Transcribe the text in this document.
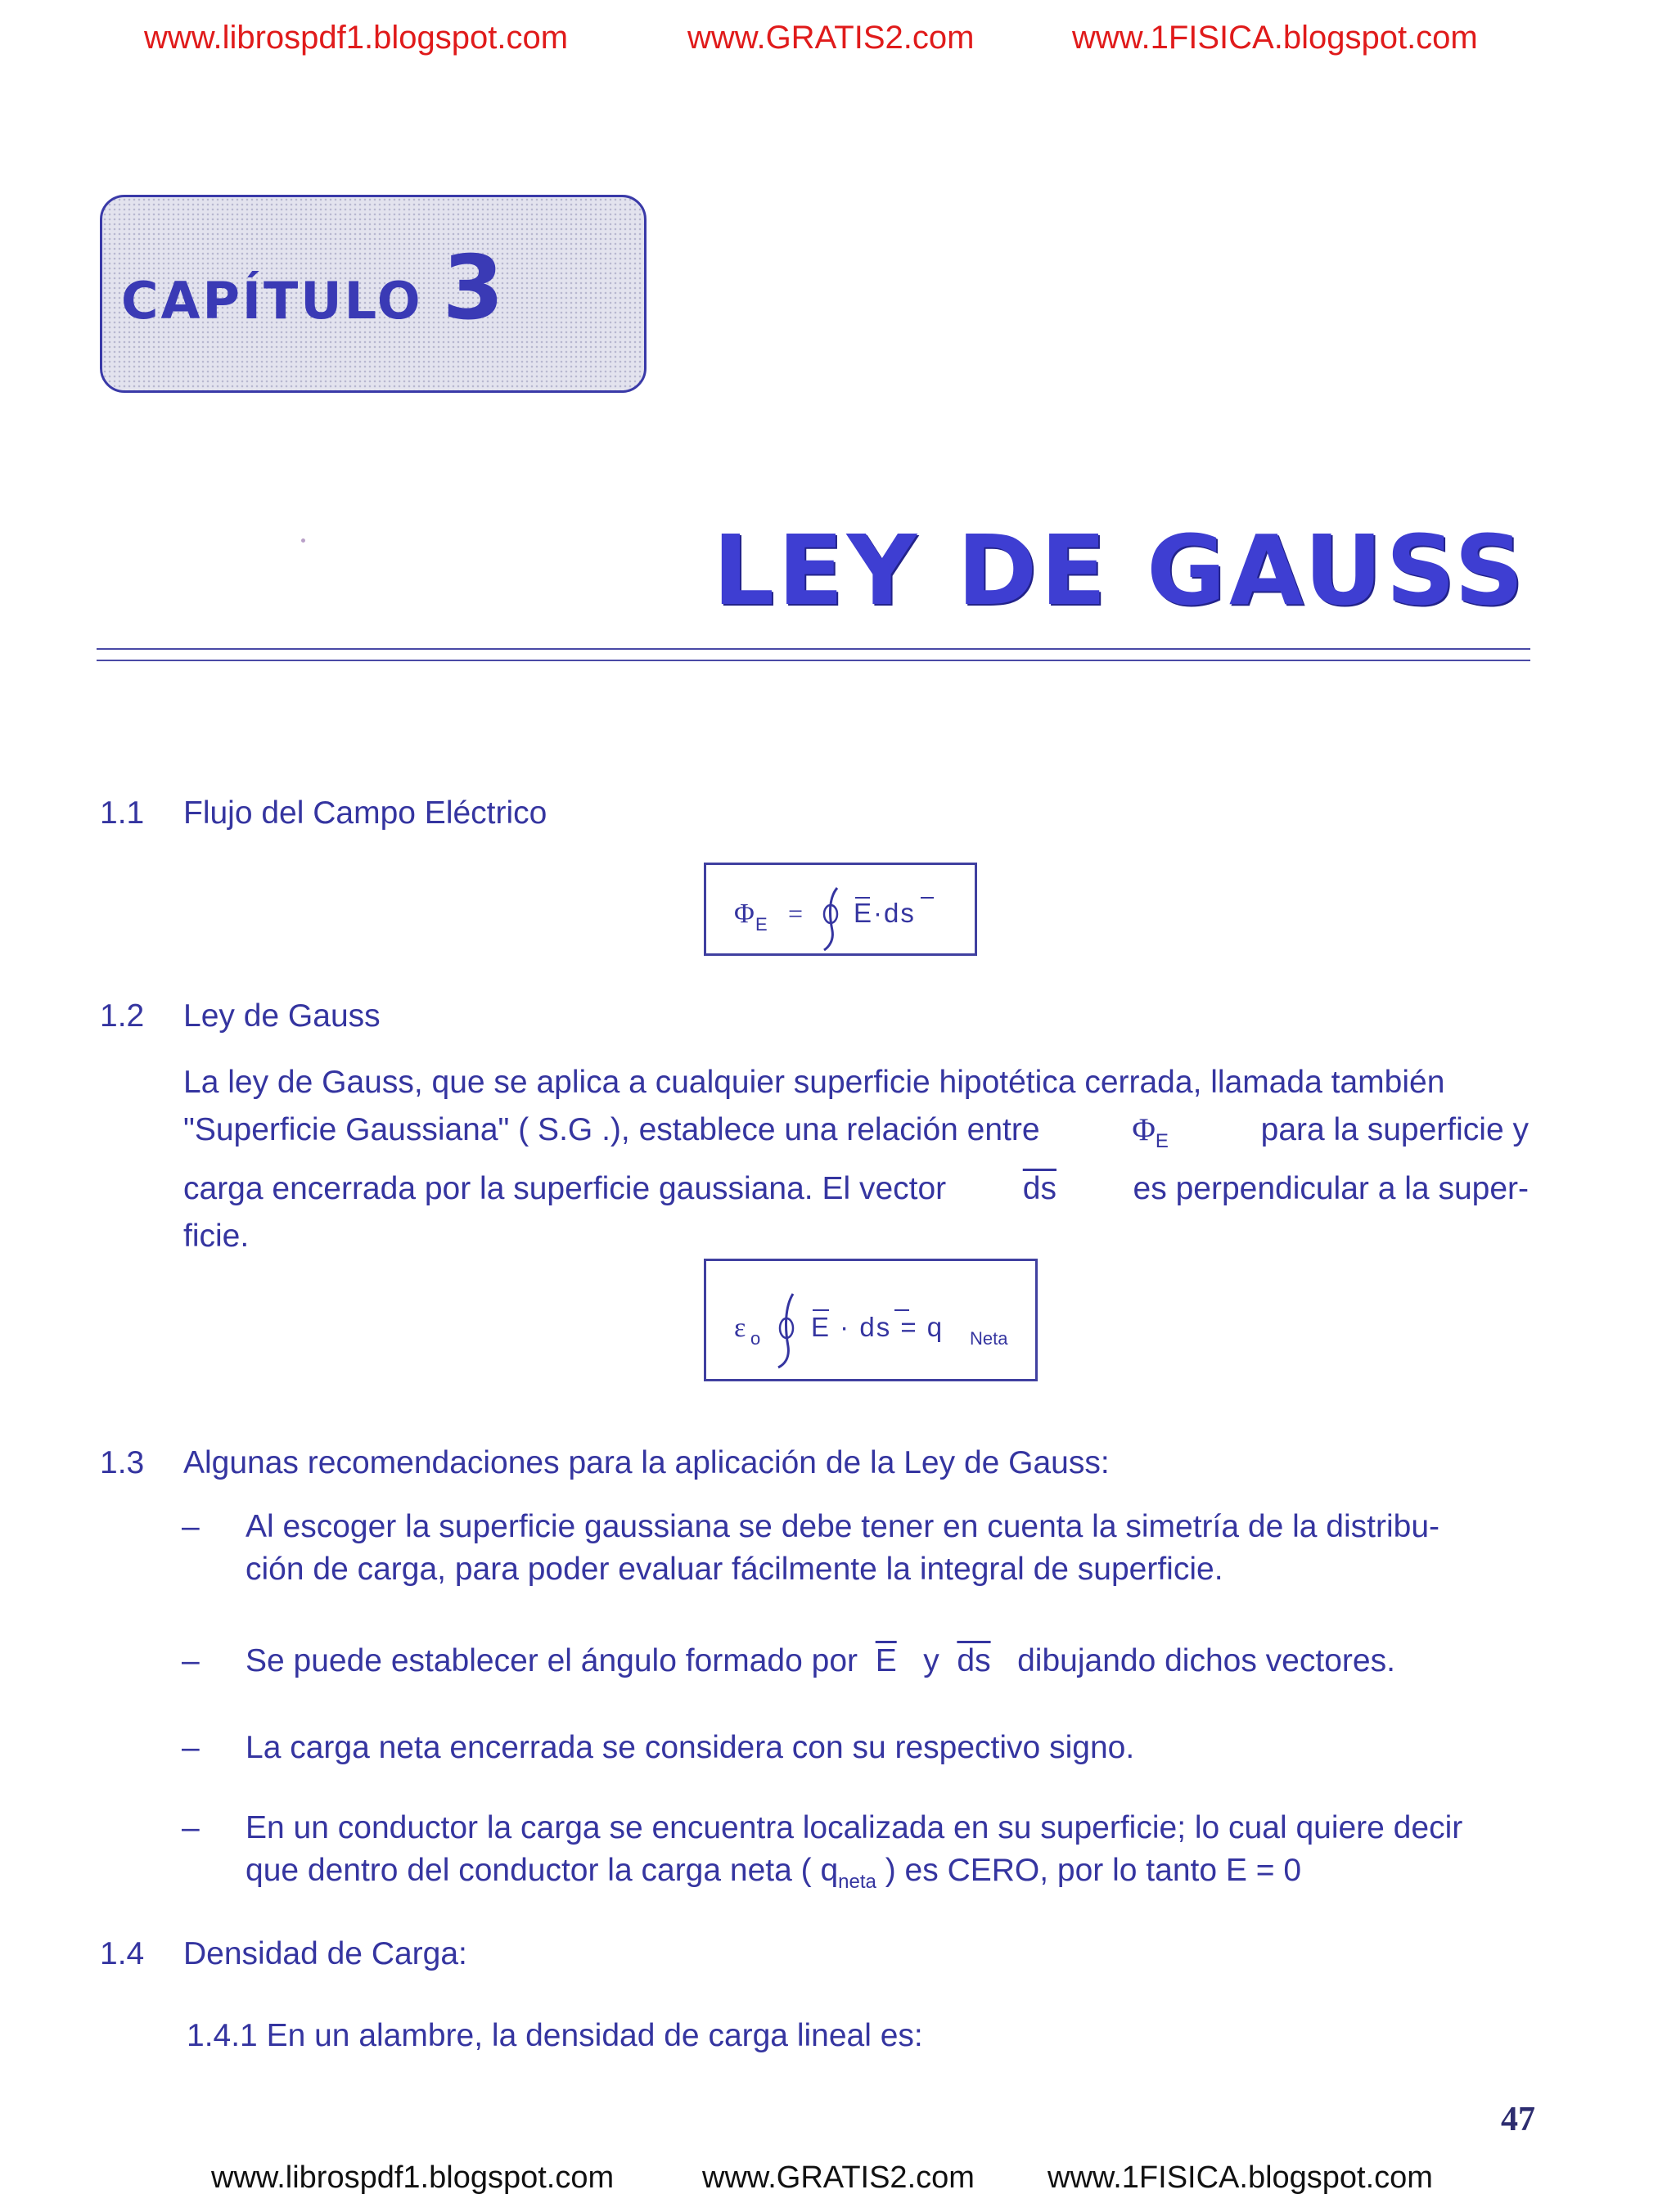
www.librospdf1.blogspot.com	www.GRATIS2.com	www.1FISICA.blogspot.com
CAPÍTULO 3
LEY DE GAUSS
1.1 Flujo del Campo Eléctrico
Φ E = E·ds
1.2 Ley de Gauss
La ley de Gauss, que se aplica a cualquier superficie hipotética cerrada, llamada también
"Superficie Gaussiana" ( S.G .), establece una relación entre	$\Phi_E$	para la superficie y
carga encerrada por la superficie gaussiana. El vector $\overline{ds}$ es perpendicular a la super-
ficie.
ε o E · ds = q Neta
1.3 Algunas recomendaciones para la aplicación de la Ley de Gauss:
– Al escoger la superficie gaussiana se debe tener en cuenta la simetría de la distribu-
ción de carga, para poder evaluar fácilmente la integral de superficie.
– Se puede establecer el ángulo formado por $\overline{E}$ y $\overline{ds}$ dibujando dichos vectores.
– La carga neta encerrada se considera con su respectivo signo.
– En un conductor la carga se encuentra localizada en su superficie; lo cual quiere decir
que dentro del conductor la carga neta ( $q_{neta}$ ) es CERO, por lo tanto E = 0
1.4 Densidad de Carga:
1.4.1 En un alambre, la densidad de carga lineal es:
47
www.librospdf1.blogspot.com	www.GRATIS2.com www.1FISICA.blogspot.com
